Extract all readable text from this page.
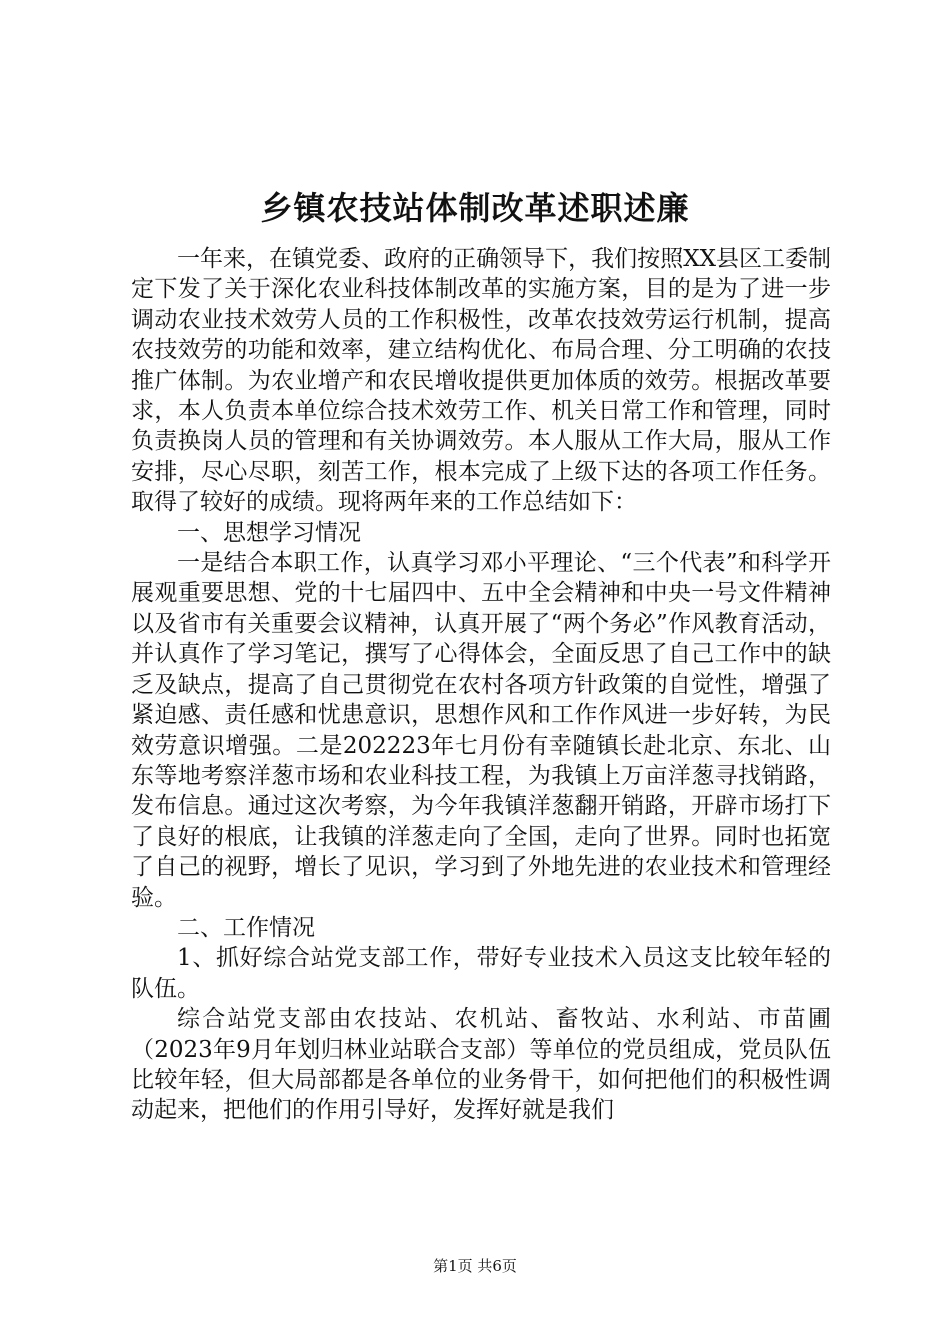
乡镇农技站体制改革述职述廉

一年来，在镇党委、政府的正确领导下，我们按照XX县区工委制定下发了关于深化农业科技体制改革的实施方案，目的是为了进一步调动农业技术效劳人员的工作积极性，改革农技效劳运行机制，提高农技效劳的功能和效率，建立结构优化、布局合理、分工明确的农技推广体制。为农业增产和农民增收提供更加体质的效劳。根据改革要求，本人负责本单位综合技术效劳工作、机关日常工作和管理，同时负责换岗人员的管理和有关协调效劳。本人服从工作大局，服从工作安排，尽心尽职，刻苦工作，根本完成了上级下达的各项工作任务。取得了较好的成绩。现将两年来的工作总结如下：

一、思想学习情况

一是结合本职工作，认真学习邓小平理论、“三个代表”和科学开展观重要思想、党的十七届四中、五中全会精神和中央一号文件精神以及省市有关重要会议精神，认真开展了“两个务必”作风教育活动，并认真作了学习笔记，撰写了心得体会，全面反思了自己工作中的缺乏及缺点，提高了自己贯彻党在农村各项方针政策的自觉性，增强了紧迫感、责任感和忧患意识，思想作风和工作作风进一步好转，为民效劳意识增强。二是202223年七月份有幸随镇长赴北京、东北、山东等地考察洋葱市场和农业科技工程，为我镇上万亩洋葱寻找销路，发布信息。通过这次考察，为今年我镇洋葱翻开销路，开辟市场打下了良好的根底，让我镇的洋葱走向了全国，走向了世界。同时也拓宽了自己的视野，增长了见识，学习到了外地先进的农业技术和管理经验。

二、工作情况

1、抓好综合站党支部工作，带好专业技术入员这支比较年轻的队伍。

综合站党支部由农技站、农机站、畜牧站、水利站、市苗圃（2023年9月年划归林业站联合支部）等单位的党员组成，党员队伍比较年轻，但大局部都是各单位的业务骨干，如何把他们的积极性调动起来，把他们的作用引导好，发挥好就是我们

第1页 共6页
